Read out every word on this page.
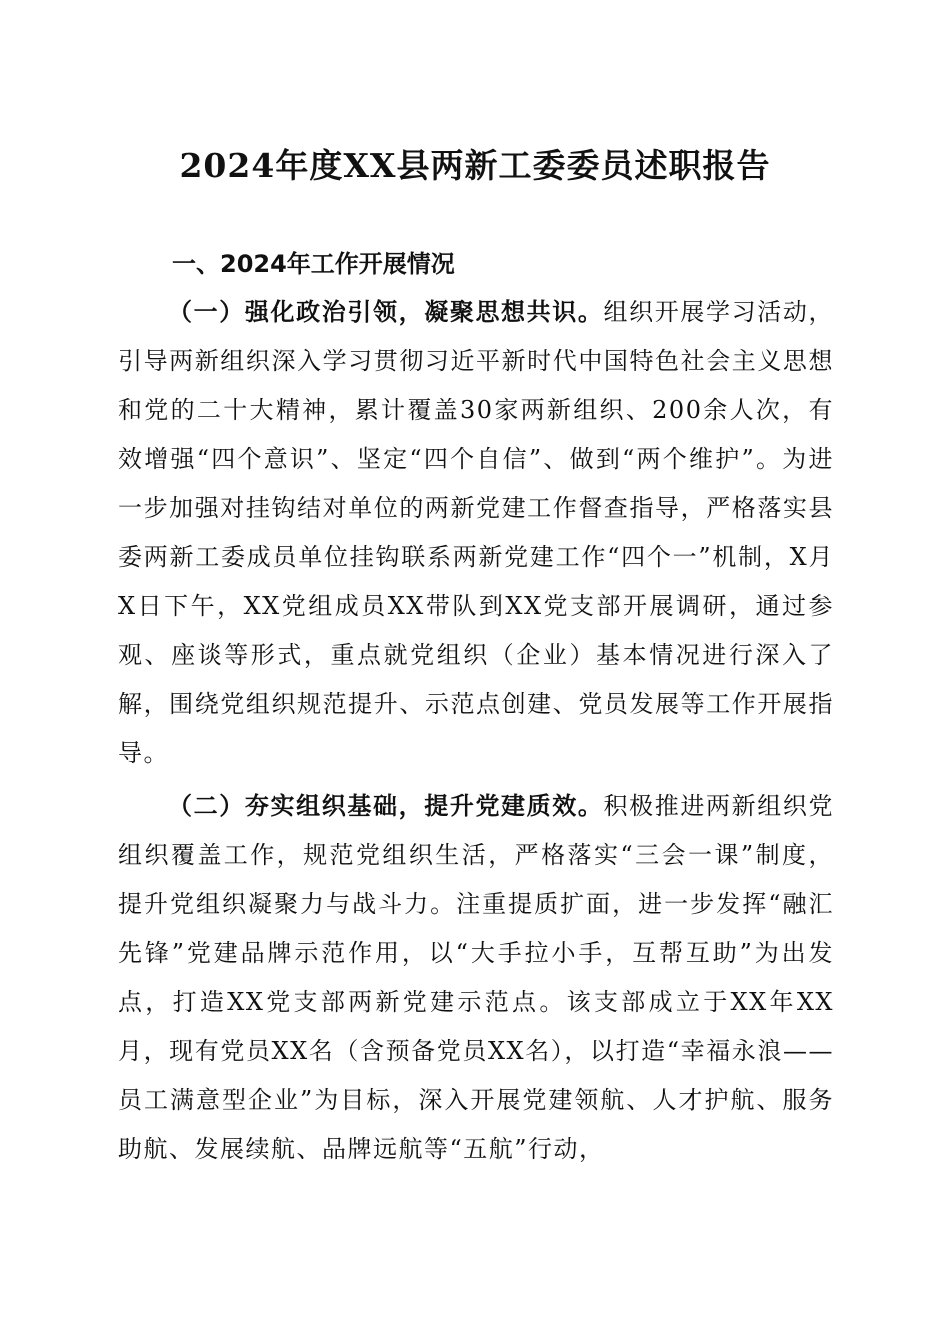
2024年度XX县两新工委委员述职报告
一、2024年工作开展情况

（一）强化政治引领，凝聚思想共识。组织开展学习活动，引导两新组织深入学习贯彻习近平新时代中国特色社会主义思想和党的二十大精神，累计覆盖30家两新组织、200余人次，有效增强“四个意识”、坚定“四个自信”、做到“两个维护”。为进一步加强对挂钩结对单位的两新党建工作督查指导，严格落实县委两新工委成员单位挂钩联系两新党建工作“四个一”机制，X月X日下午，XX党组成员XX带队到XX党支部开展调研，通过参观、座谈等形式，重点就党组织（企业）基本情况进行深入了解，围绕党组织规范提升、示范点创建、党员发展等工作开展指导。

（二）夯实组织基础，提升党建质效。积极推进两新组织党组织覆盖工作，规范党组织生活，严格落实“三会一课”制度，提升党组织凝聚力与战斗力。注重提质扩面，进一步发挥“融汇先锋”党建品牌示范作用，以“大手拉小手，互帮互助”为出发点，打造XX党支部两新党建示范点。该支部成立于XX年XX月，现有党员XX名（含预备党员XX名），以打造“幸福永浪——员工满意型企业”为目标，深入开展党建领航、人才护航、服务助航、发展续航、品牌远航等“五航”行动，
